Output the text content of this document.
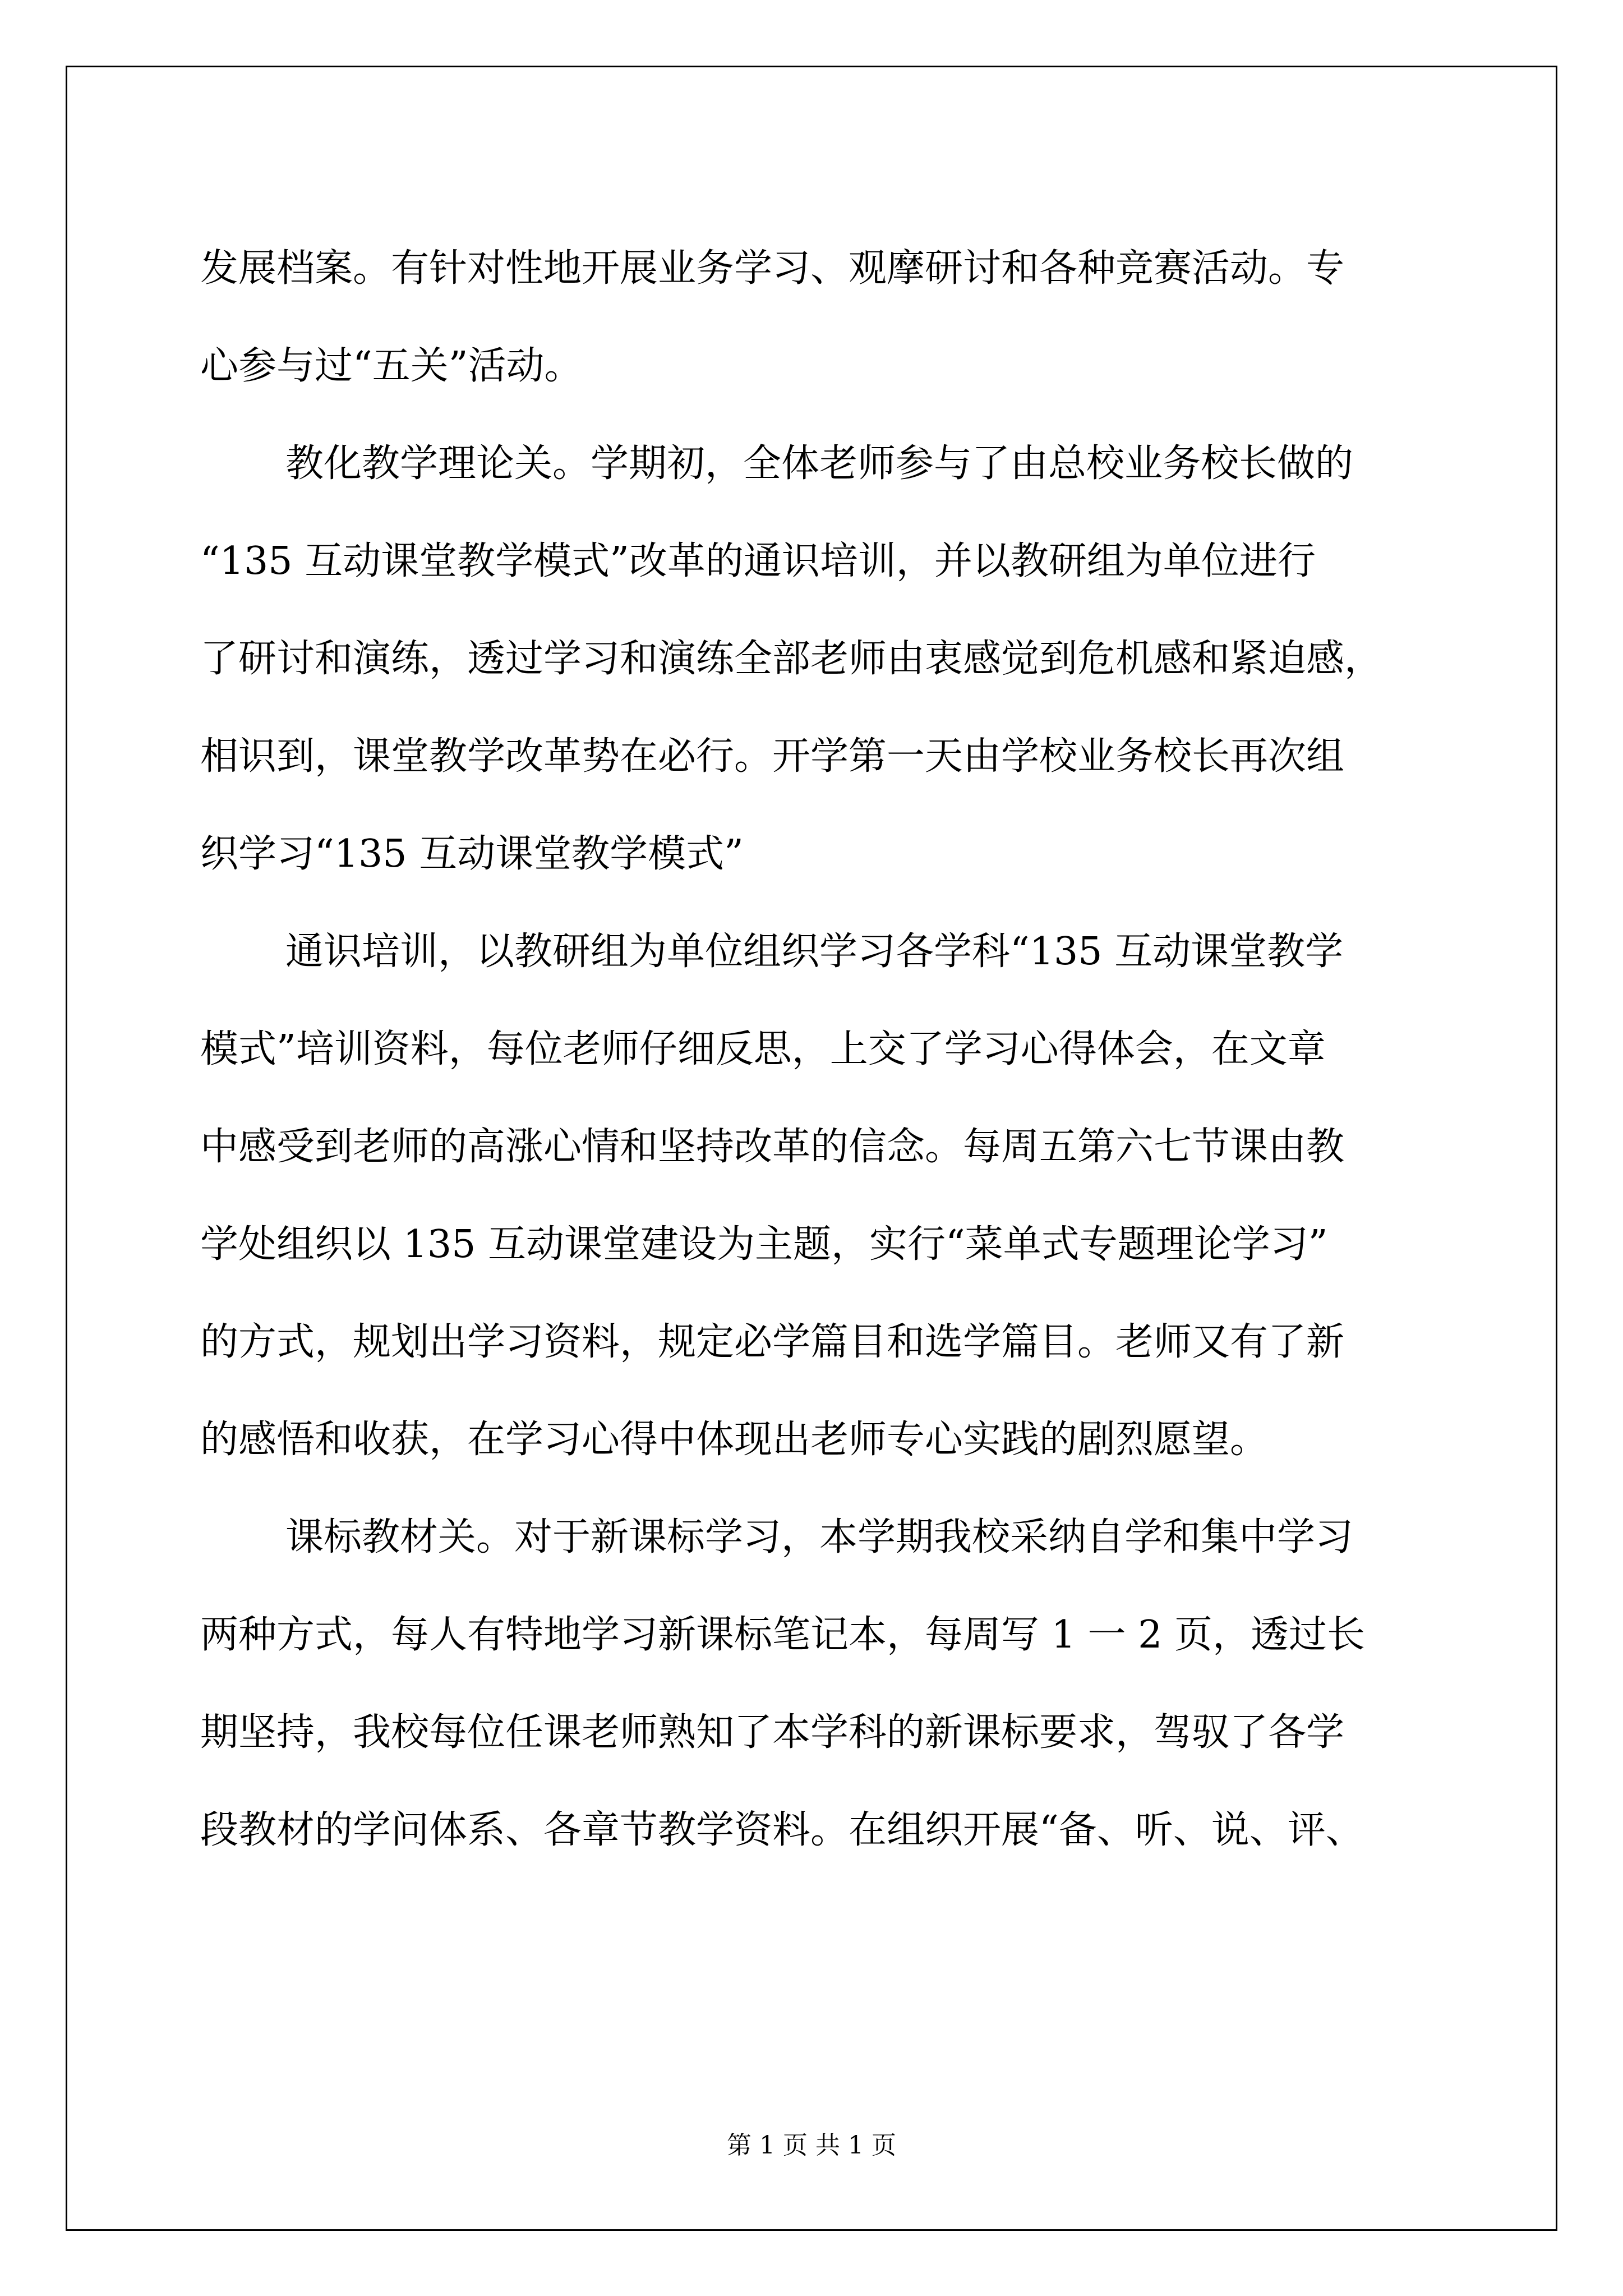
发展档案。有针对性地开展业务学习、观摩研讨和各种竞赛活动。专
心参与过“五关”活动。
教化教学理论关。学期初，全体老师参与了由总校业务校长做的
“135 互动课堂教学模式”改革的通识培训，并以教研组为单位进行
了研讨和演练，透过学习和演练全部老师由衷感觉到危机感和紧迫感，
相识到，课堂教学改革势在必行。开学第一天由学校业务校长再次组
织学习“135 互动课堂教学模式”
通识培训，以教研组为单位组织学习各学科“135 互动课堂教学
模式”培训资料，每位老师仔细反思，上交了学习心得体会，在文章
中感受到老师的高涨心情和坚持改革的信念。每周五第六七节课由教
学处组织以 135 互动课堂建设为主题，实行“菜单式专题理论学习”
的方式，规划出学习资料，规定必学篇目和选学篇目。老师又有了新
的感悟和收获，在学习心得中体现出老师专心实践的剧烈愿望。
课标教材关。对于新课标学习，本学期我校采纳自学和集中学习
两种方式，每人有特地学习新课标笔记本，每周写 1 一 2 页，透过长
期坚持，我校每位任课老师熟知了本学科的新课标要求，驾驭了各学
段教材的学问体系、各章节教学资料。在组织开展“备、听、说、评、
第 1 页 共 1 页
